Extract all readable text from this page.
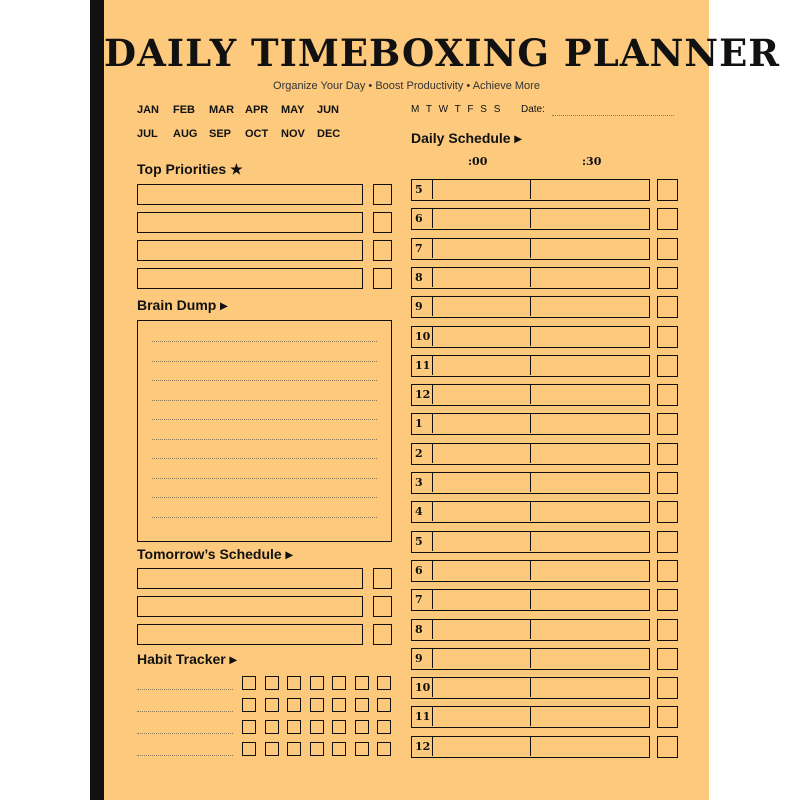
DAILY TIMEBOXING PLANNER
Organize Your Day • Boost Productivity • Achieve More
JAN FEB MAR APR MAY JUN
JUL AUG SEP OCT NOV DEC
M T W T F S S Date:
Top Priorities ★
Brain Dump ▸
Tomorrow’s Schedule ▸
Habit Tracker ▸
Daily Schedule ▸
:00	:30
5
6
7
8
9
10
11
12
1
2
3
4
5
6
7
8
9
10
11
12
